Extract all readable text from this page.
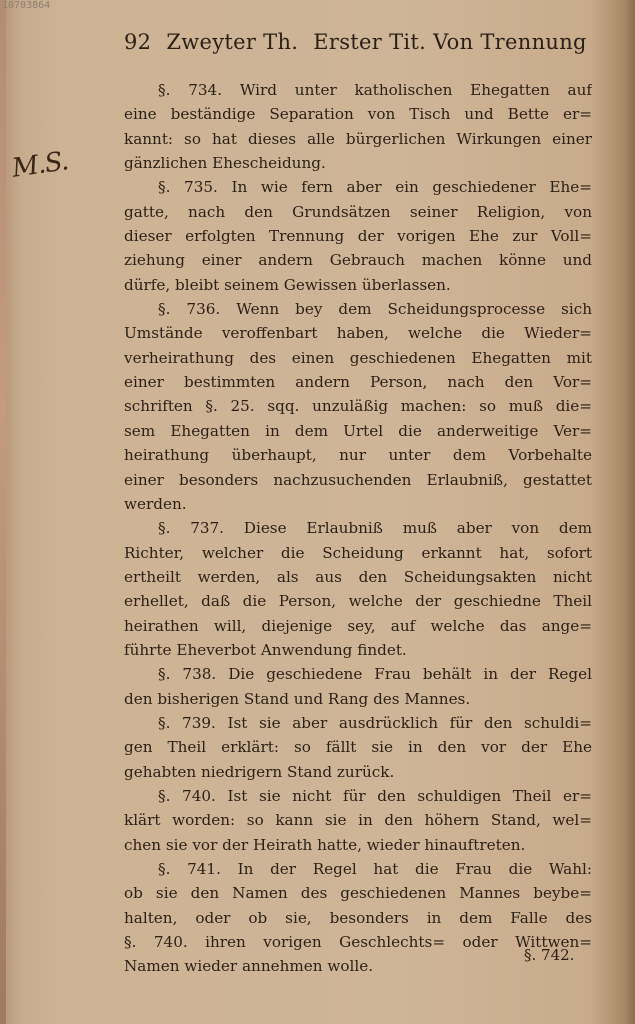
10703864
M.S.
92 Zweyter Th. Erster Tit. Von Trennung
§. 734. Wird unter katholischen Ehegatten auf
eine beständige Separation von Tisch und Bette er=
kannt: so hat dieses alle bürgerlichen Wirkungen einer
gänzlichen Ehescheidung.
§. 735. In wie fern aber ein geschiedener Ehe=
gatte, nach den Grundsätzen seiner Religion, von
dieser erfolgten Trennung der vorigen Ehe zur Voll=
ziehung einer andern Gebrauch machen könne und
dürfe, bleibt seinem Gewissen überlassen.
§. 736. Wenn bey dem Scheidungsprocesse sich
Umstände veroffenbart haben, welche die Wieder=
verheirathung des einen geschiedenen Ehegatten mit
einer bestimmten andern Person, nach den Vor=
schriften §. 25. sqq. unzuläßig machen: so muß die=
sem Ehegatten in dem Urtel die anderweitige Ver=
heirathung überhaupt, nur unter dem Vorbehalte
einer besonders nachzusuchenden Erlaubniß, gestattet
werden.
§. 737. Diese Erlaubniß muß aber von dem
Richter, welcher die Scheidung erkannt hat, sofort
ertheilt werden, als aus den Scheidungsakten nicht
erhellet, daß die Person, welche der geschiedne Theil
heirathen will, diejenige sey, auf welche das ange=
führte Eheverbot Anwendung findet.
§. 738. Die geschiedene Frau behält in der Regel
den bisherigen Stand und Rang des Mannes.
§. 739. Ist sie aber ausdrücklich für den schuldi=
gen Theil erklärt: so fällt sie in den vor der Ehe
gehabten niedrigern Stand zurück.
§. 740. Ist sie nicht für den schuldigen Theil er=
klärt worden: so kann sie in den höhern Stand, wel=
chen sie vor der Heirath hatte, wieder hinauftreten.
§. 741. In der Regel hat die Frau die Wahl:
ob sie den Namen des geschiedenen Mannes beybe=
halten, oder ob sie, besonders in dem Falle des
§. 740. ihren vorigen Geschlechts= oder Wittwen=
Namen wieder annehmen wolle.
§. 742.
